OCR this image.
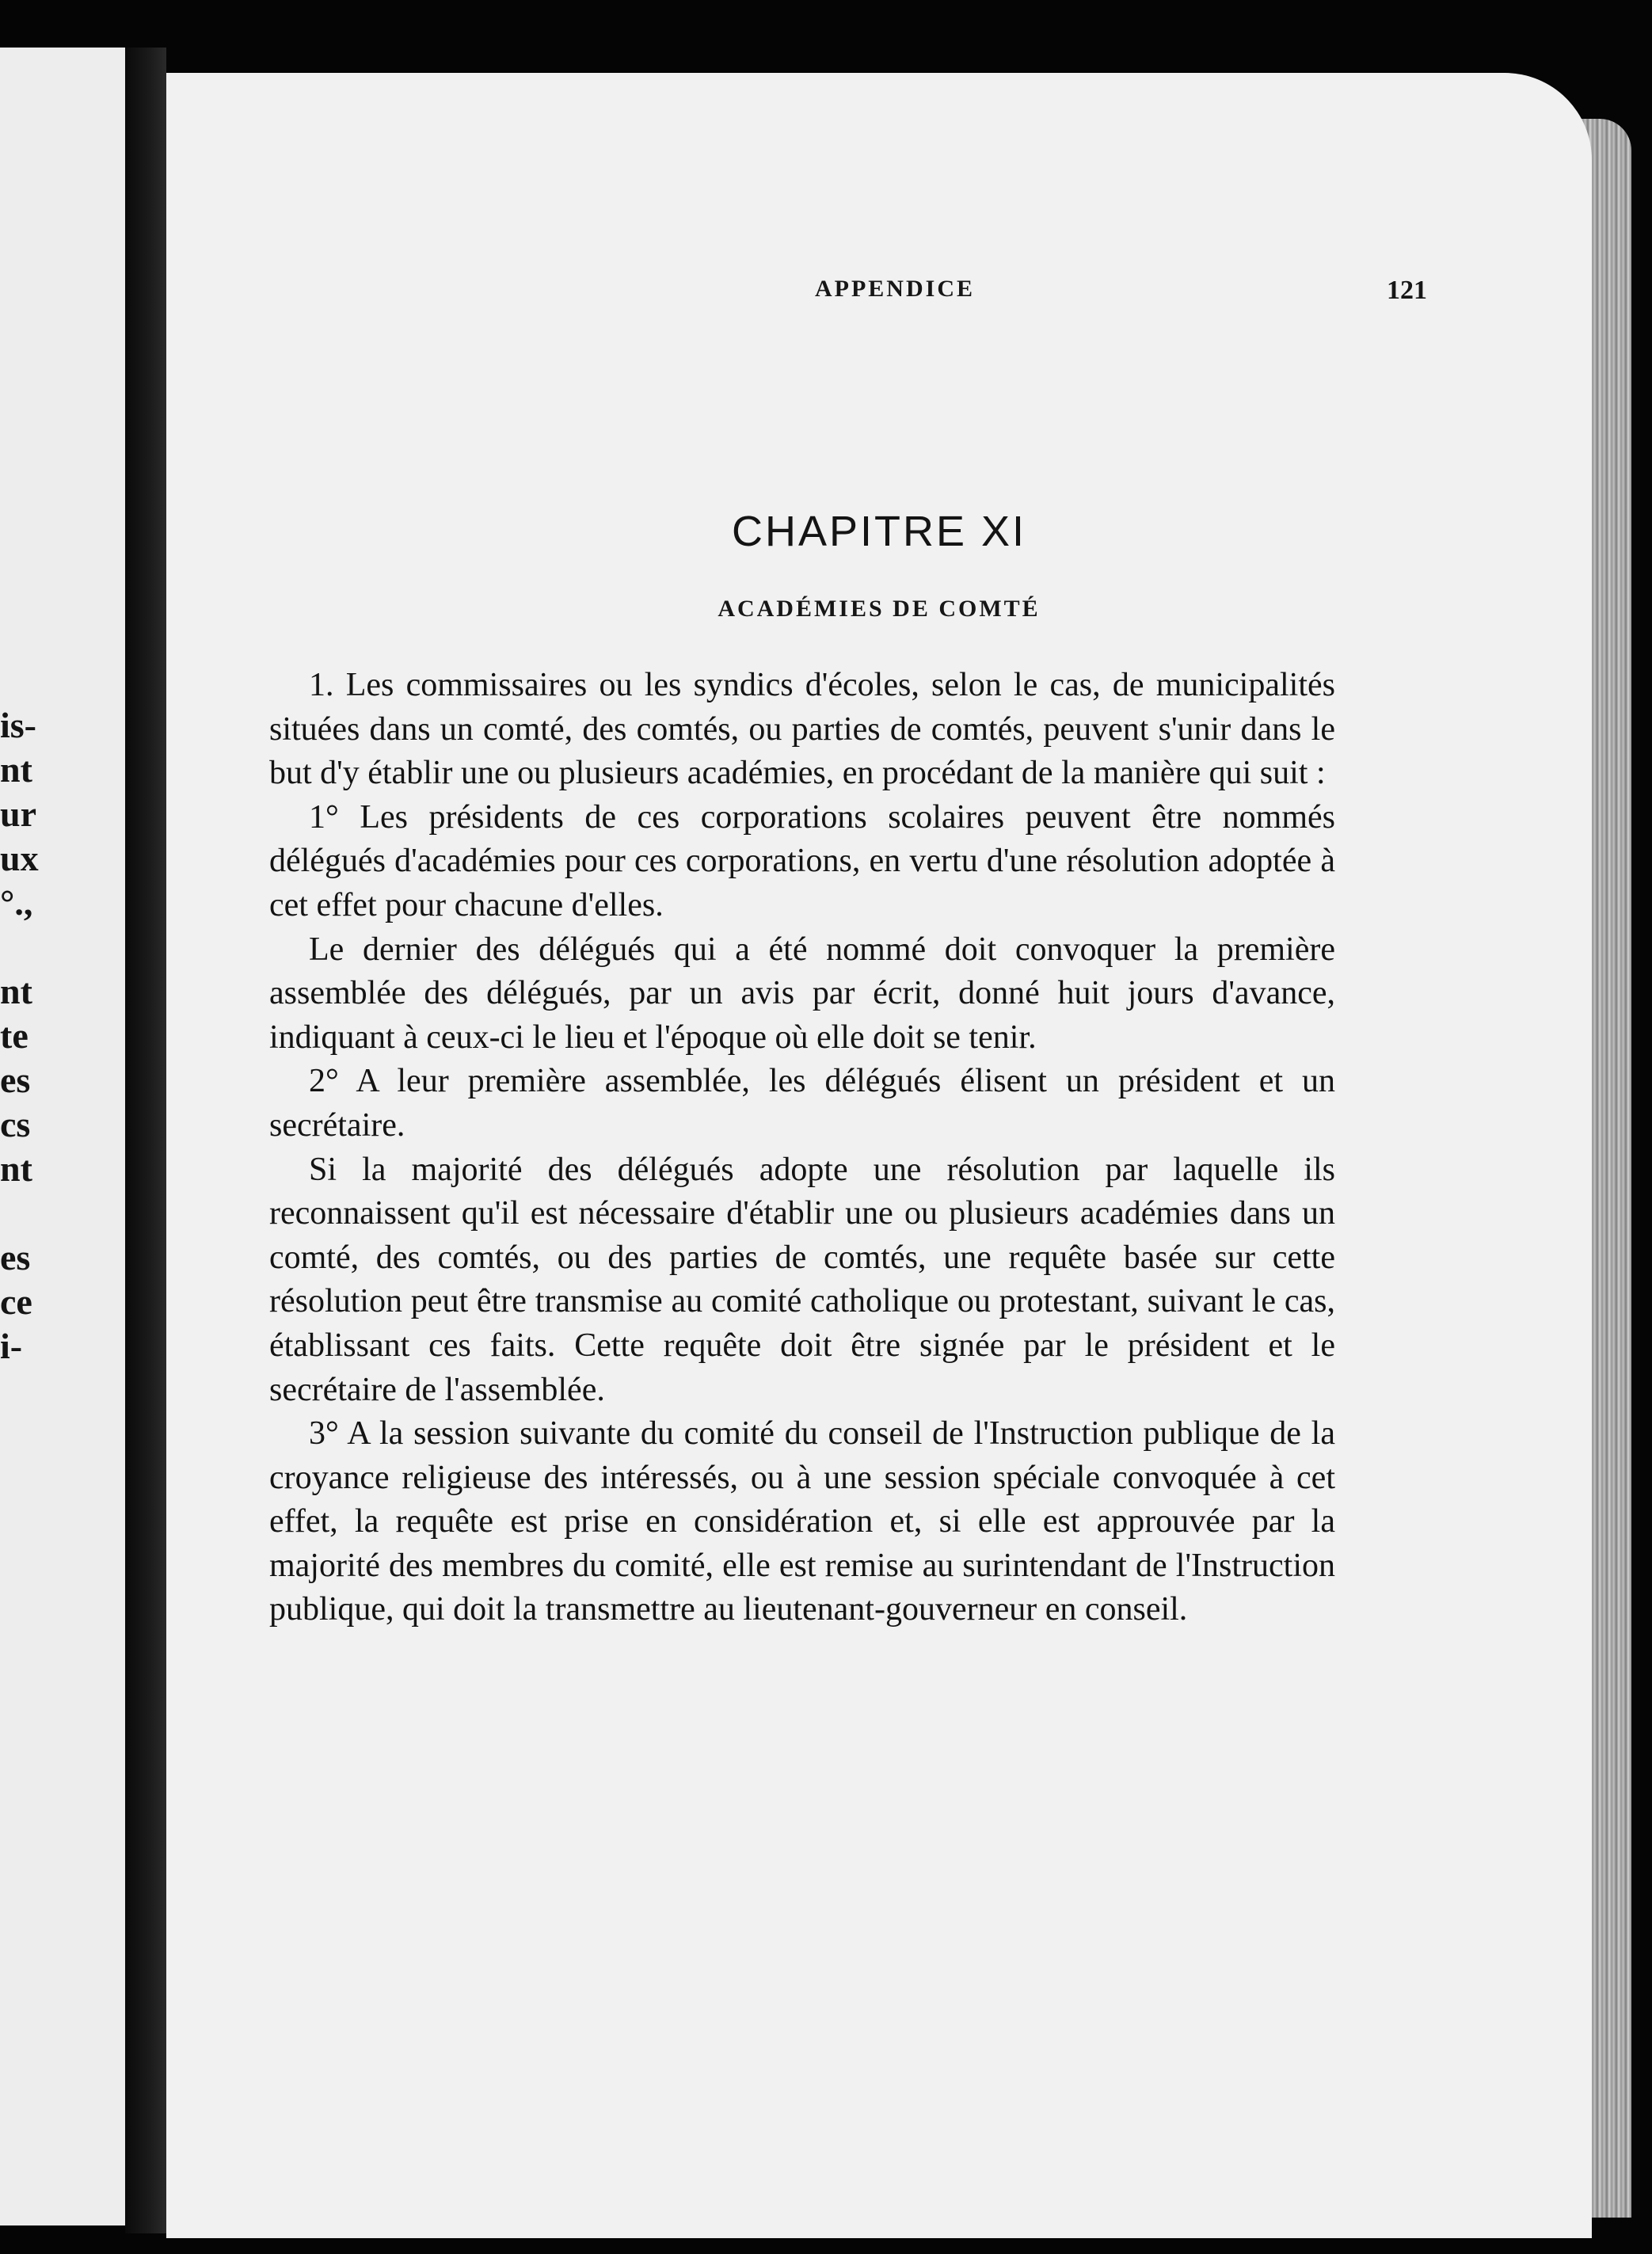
is-
nt
ur
ux
°.,
nt
te
es
cs
nt
es
ce
i-
APPENDICE	121
CHAPITRE XI
ACADÉMIES DE COMTÉ

1. Les commissaires ou les syndics d'écoles, selon le cas, de municipalités situées dans un comté, des comtés, ou parties de comtés, peuvent s'unir dans le but d'y établir une ou plusieurs académies, en procédant de la manière qui suit :

1° Les présidents de ces corporations scolaires peuvent être nommés délégués d'académies pour ces corporations, en vertu d'une résolution adoptée à cet effet pour chacune d'elles.

Le dernier des délégués qui a été nommé doit convoquer la première assemblée des délégués, par un avis par écrit, donné huit jours d'avance, indiquant à ceux-ci le lieu et l'époque où elle doit se tenir.

2° A leur première assemblée, les délégués élisent un président et un secrétaire.

Si la majorité des délégués adopte une résolution par laquelle ils reconnaissent qu'il est nécessaire d'établir une ou plusieurs académies dans un comté, des comtés, ou des parties de comtés, une requête basée sur cette résolution peut être transmise au comité catholique ou protestant, suivant le cas, établissant ces faits. Cette requête doit être signée par le président et le secrétaire de l'assemblée.

3° A la session suivante du comité du conseil de l'Instruction publique de la croyance religieuse des intéressés, ou à une session spéciale convoquée à cet effet, la requête est prise en considération et, si elle est approuvée par la majorité des membres du comité, elle est remise au surintendant de l'Instruction publique, qui doit la transmettre au lieutenant-gouverneur en conseil.
